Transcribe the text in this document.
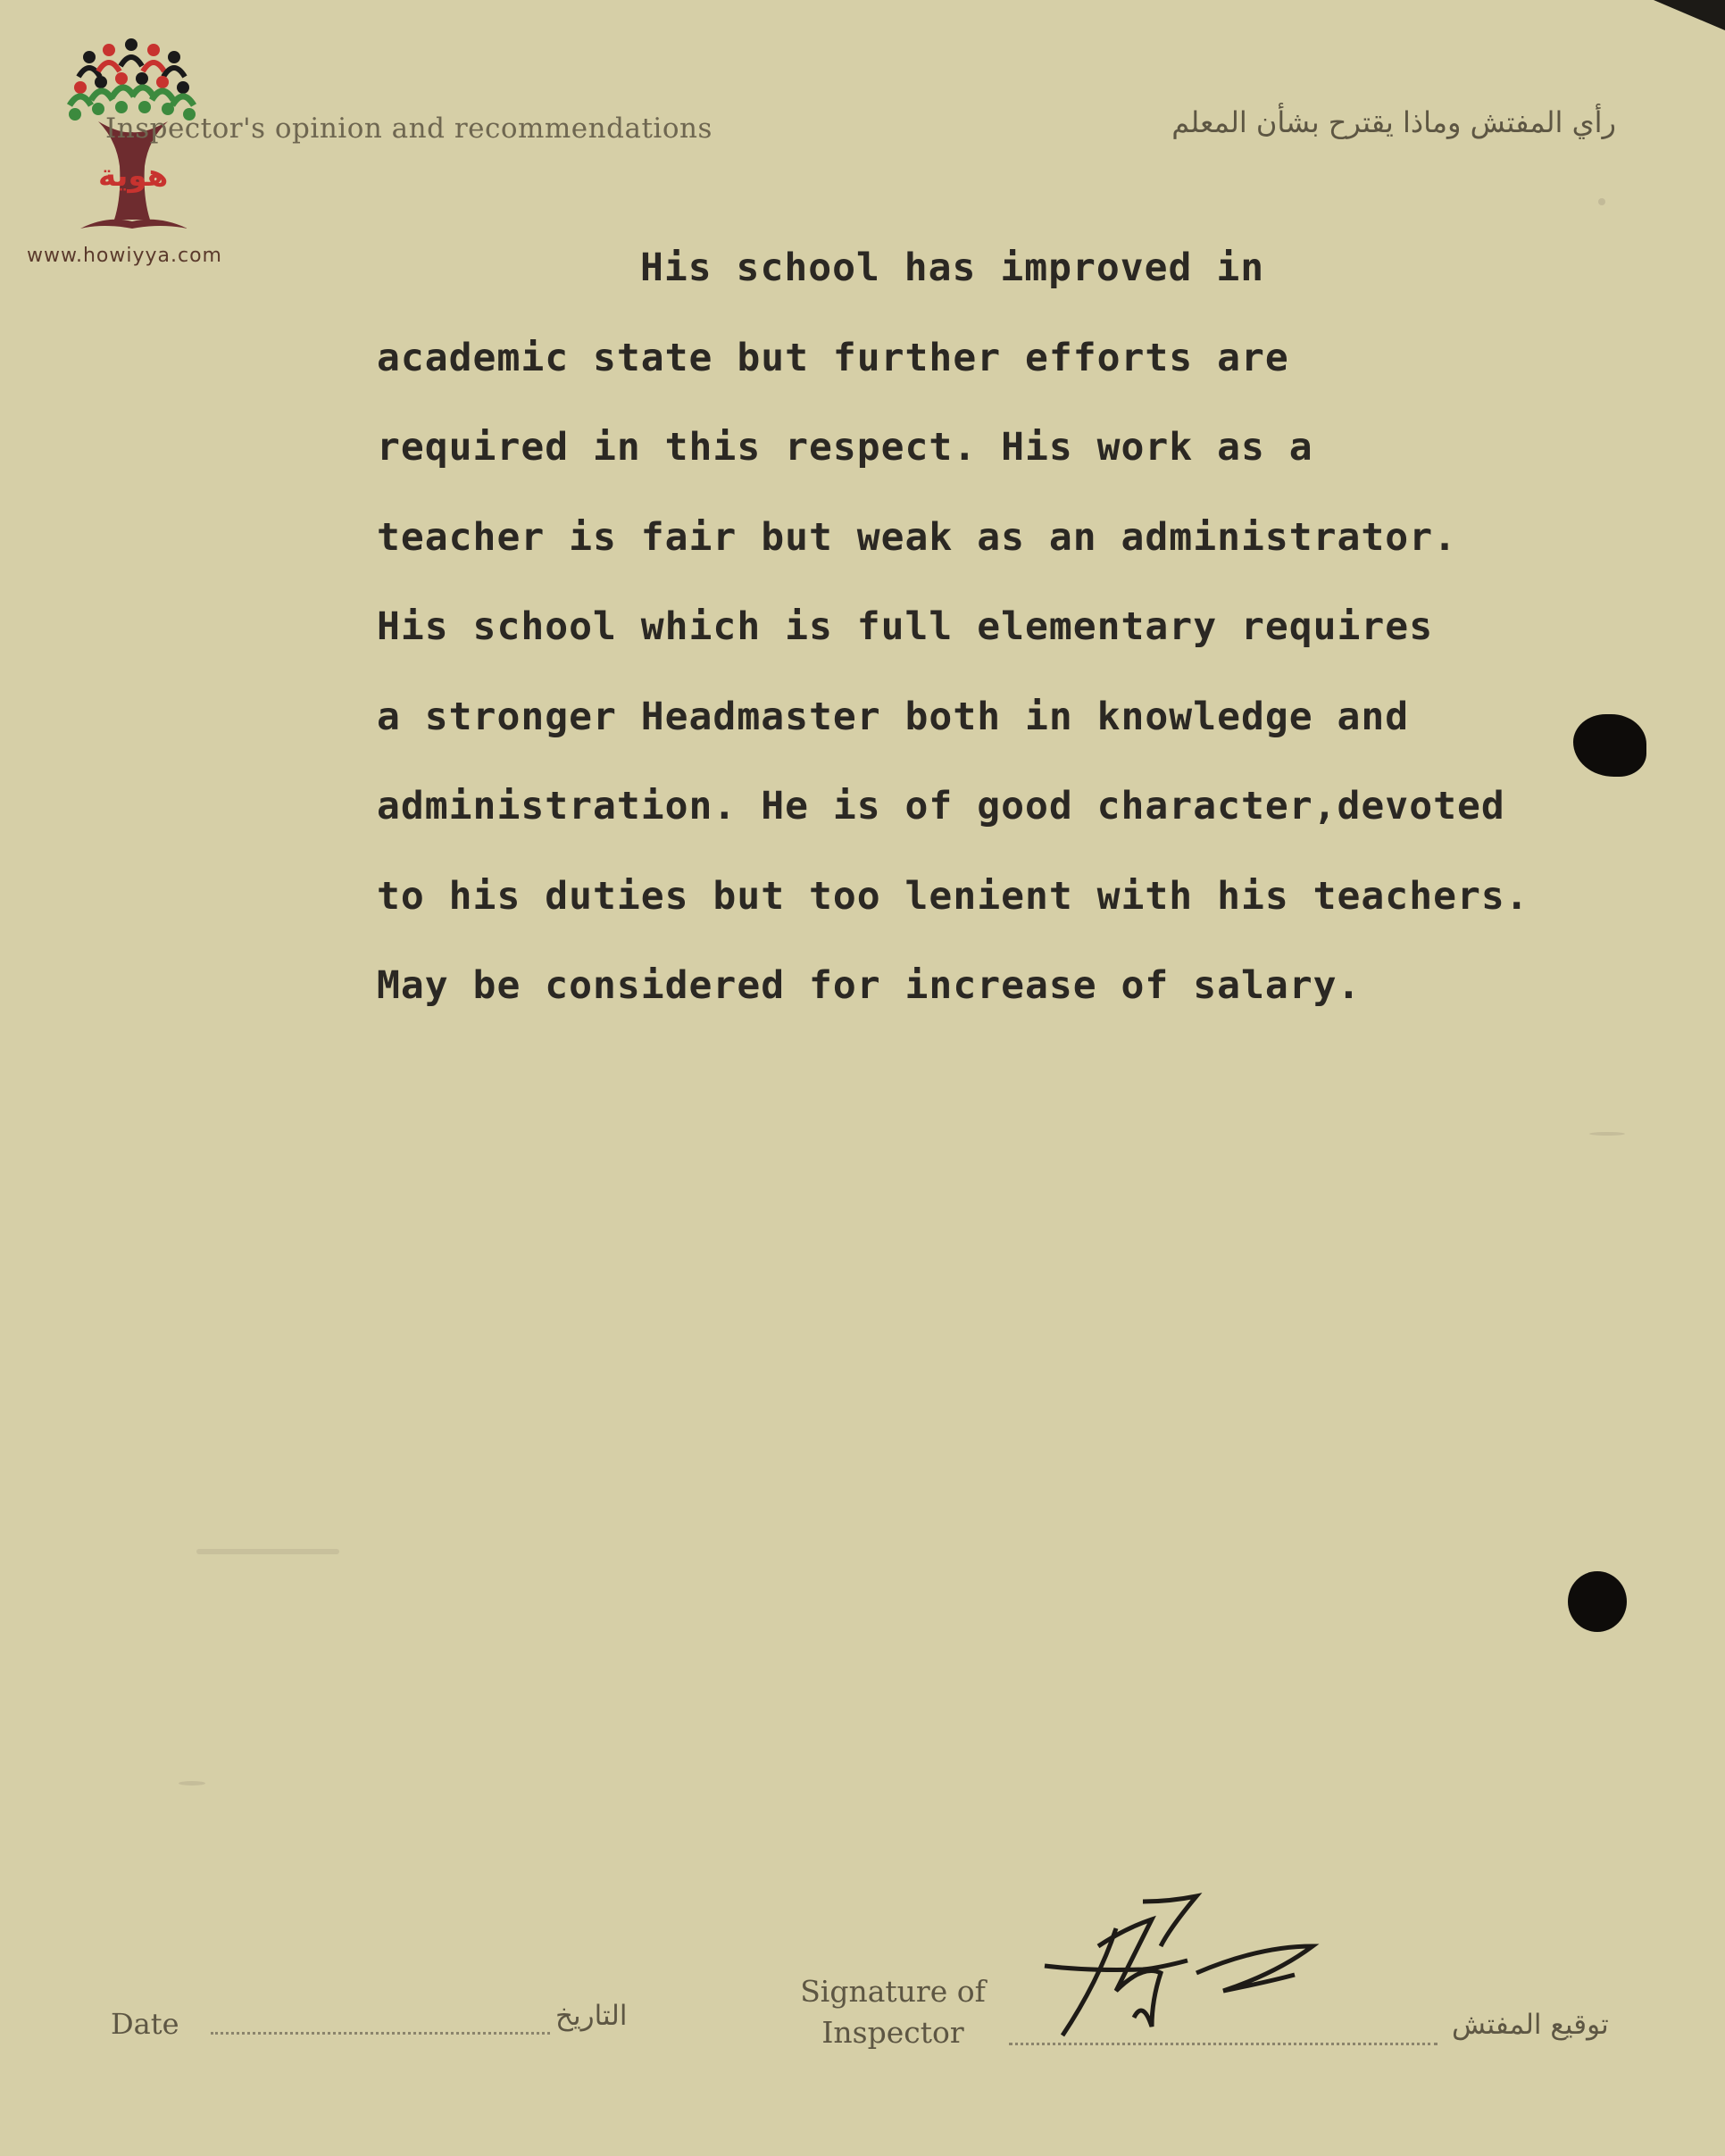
هوية
www.howiyya.com
Inspector's opinion and recommendations	رأي المفتش وماذا يقترح بشأن المعلم
His school has improved in
academic state but further efforts are
required in this respect. His work as a
teacher is fair but weak as an administrator.
His school which is full elementary requires
a stronger Headmaster both in knowledge and
administration. He is of good character,devoted
to his duties but too lenient with his teachers.
May be considered for increase of salary.
Date	التاريخ
Signature of
Inspector	توقيع المفتش
